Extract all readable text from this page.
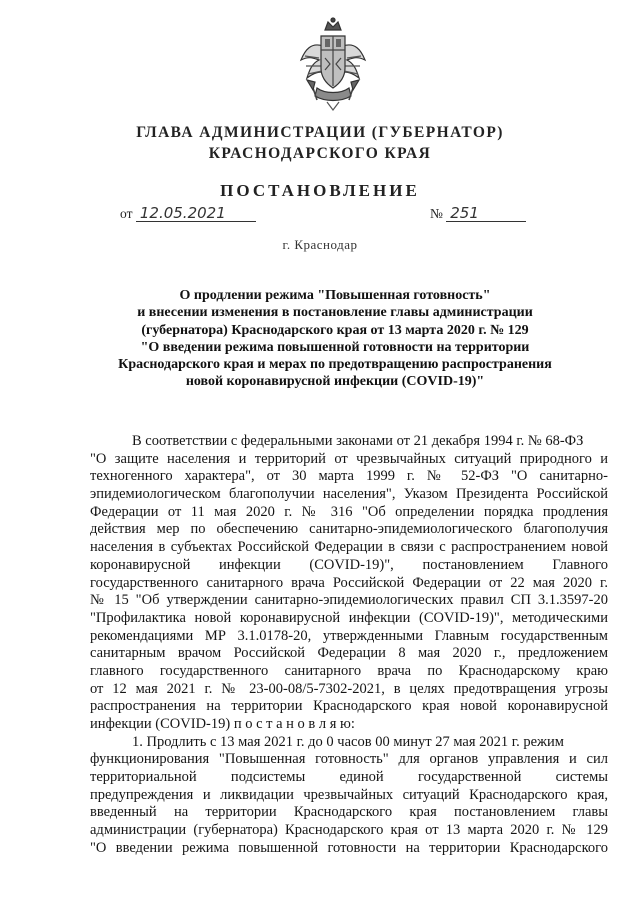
ГЛАВА АДМИНИСТРАЦИИ (ГУБЕРНАТОР)
КРАСНОДАРСКОГО КРАЯ
ПОСТАНОВЛЕНИЕ
от 12.05.2021	№ 251
г. Краснодар
О продлении режима "Повышенная готовность"
и внесении изменения в постановление главы администрации
(губернатора) Краснодарского края от 13 марта 2020 г. № 129
"О введении режима повышенной готовности на территории
Краснодарского края и мерах по предотвращению распространения
новой коронавирусной инфекции (COVID-19)"
В соответствии с федеральными законами от 21 декабря 1994 г. № 68-ФЗ
"О защите населения и территорий от чрезвычайных ситуаций природного и
техногенного характера", от 30 марта 1999 г. № 52-ФЗ "О санитарно-
эпидемиологическом благополучии населения", Указом Президента Российской
Федерации от 11 мая 2020 г. № 316 "Об определении порядка продления
действия мер по обеспечению санитарно-эпидемиологического благополучия
населения в субъектах Российской Федерации в связи с распространением новой
коронавирусной инфекции (COVID-19)", постановлением Главного
государственного санитарного врача Российской Федерации от 22 мая 2020 г.
№ 15 "Об утверждении санитарно-эпидемиологических правил СП 3.1.3597-20
"Профилактика новой коронавирусной инфекции (COVID-19)", методическими
рекомендациями МР 3.1.0178-20, утвержденными Главным государственным
санитарным врачом Российской Федерации 8 мая 2020 г., предложением
главного государственного санитарного врача по Краснодарскому краю
от 12 мая 2021 г. № 23-00-08/5-7302-2021, в целях предотвращения угрозы
распространения на территории Краснодарского края новой коронавирусной
инфекции (COVID-19) п о с т а н о в л я ю:
1. Продлить с 13 мая 2021 г. до 0 часов 00 минут 27 мая 2021 г. режим
функционирования "Повышенная готовность" для органов управления и сил
территориальной подсистемы единой государственной системы
предупреждения и ликвидации чрезвычайных ситуаций Краснодарского края,
введенный на территории Краснодарского края постановлением главы
администрации (губернатора) Краснодарского края от 13 марта 2020 г. № 129
"О введении режима повышенной готовности на территории Краснодарского
